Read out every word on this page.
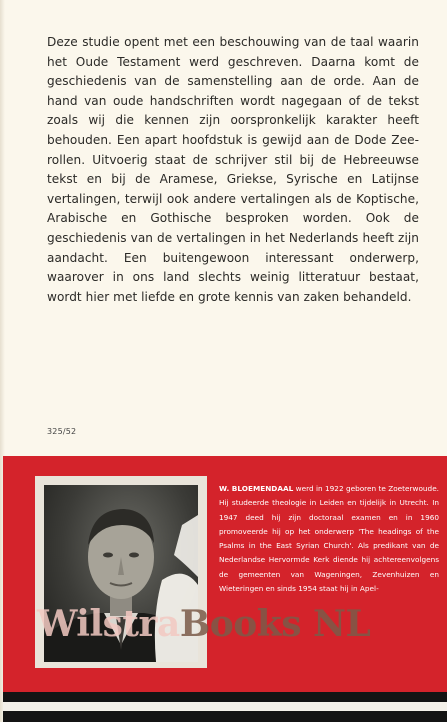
Deze studie opent met een beschouwing van de taal waarin het Oude Testament werd geschreven. Daarna komt de geschiedenis van de samenstelling aan de orde. Aan de hand van oude handschriften wordt nagegaan of de tekst zoals wij die kennen zijn oorspronkelijk karakter heeft behouden. Een apart hoofdstuk is gewijd aan de Dode Zee-rollen. Uitvoerig staat de schrijver stil bij de Hebreeuwse tekst en bij de Aramese, Griekse, Syrische en Latijnse vertalingen, terwijl ook andere vertalingen als de Koptische, Arabische en Gothische besproken worden. Ook de geschiedenis van de vertalingen in het Nederlands heeft zijn aandacht. Een buitengewoon interessant onderwerp, waarover in ons land slechts weinig litteratuur bestaat, wordt hier met liefde en grote kennis van zaken behandeld.

325/52

W. BLOEMENDAAL werd in 1922 geboren te Zoeterwoude. Hij studeerde theologie in Leiden en tijdelijk in Utrecht. In 1947 deed hij zijn doctoraal examen en in 1960 promoveerde hij op het onderwerp 'The headings of the Psalms in the East Syrian Church'. Als predikant van de Nederlandse Hervormde Kerk diende hij achtereenvolgens de gemeenten van Wageningen, Zevenhuizen en Wieteringen en sinds 1954 staat hij in Apel-

WilstraBooks NL
